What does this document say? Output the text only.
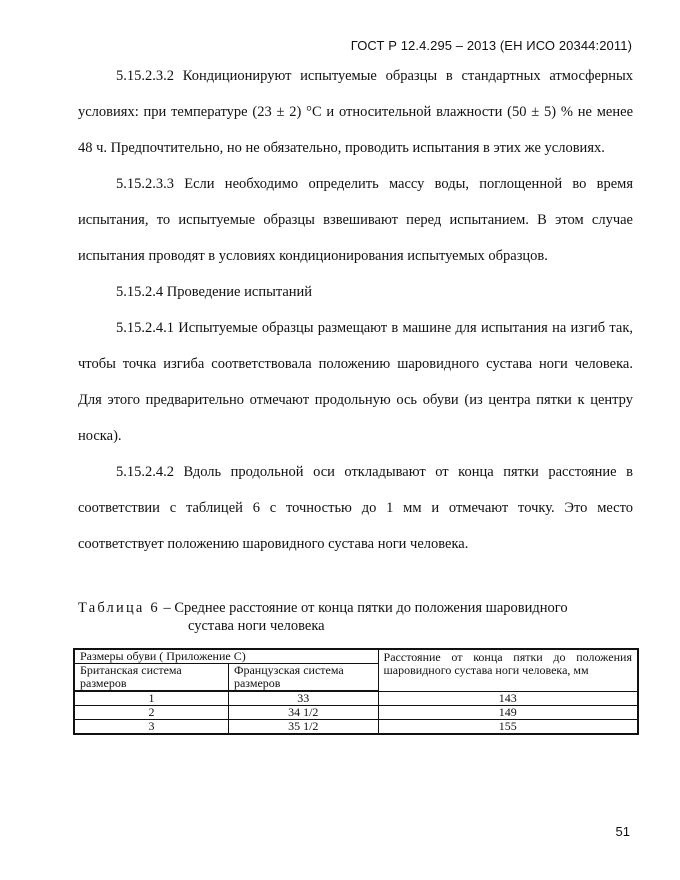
ГОСТ Р 12.4.295 – 2013 (ЕН ИСО 20344:2011)

5.15.2.3.2 Кондиционируют испытуемые образцы в стандартных атмосферных условиях: при температуре (23 ± 2) °С и относительной влажности (50 ± 5) % не менее 48 ч. Предпочтительно, но не обязательно, проводить испытания в этих же условиях.

5.15.2.3.3 Если необходимо определить массу воды, поглощенной во время испытания, то испытуемые образцы взвешивают перед испытанием. В этом случае испытания проводят в условиях кондиционирования испытуемых образцов.

5.15.2.4 Проведение испытаний

5.15.2.4.1 Испытуемые образцы размещают в машине для испытания на изгиб так, чтобы точка изгиба соответствовала положению шаровидного сустава ноги человека. Для этого предварительно отмечают продольную ось обуви (из центра пятки к центру носка).

5.15.2.4.2 Вдоль продольной оси откладывают от конца пятки расстояние в соответствии с таблицей 6 с точностью до 1 мм и отмечают точку. Это место соответствует положению шаровидного сустава ноги человека.

Таблица 6 – Среднее расстояние от конца пятки до положения шаровидного
сустава ноги человека
Размеры обуви ( Приложение С)		Расстояние от конца пятки до положения шаровидного сустава ноги человека, мм
Британская система размеров	Французская система размеров	
1	33	143
2	34 1/2	149
3	35 1/2	155
51
